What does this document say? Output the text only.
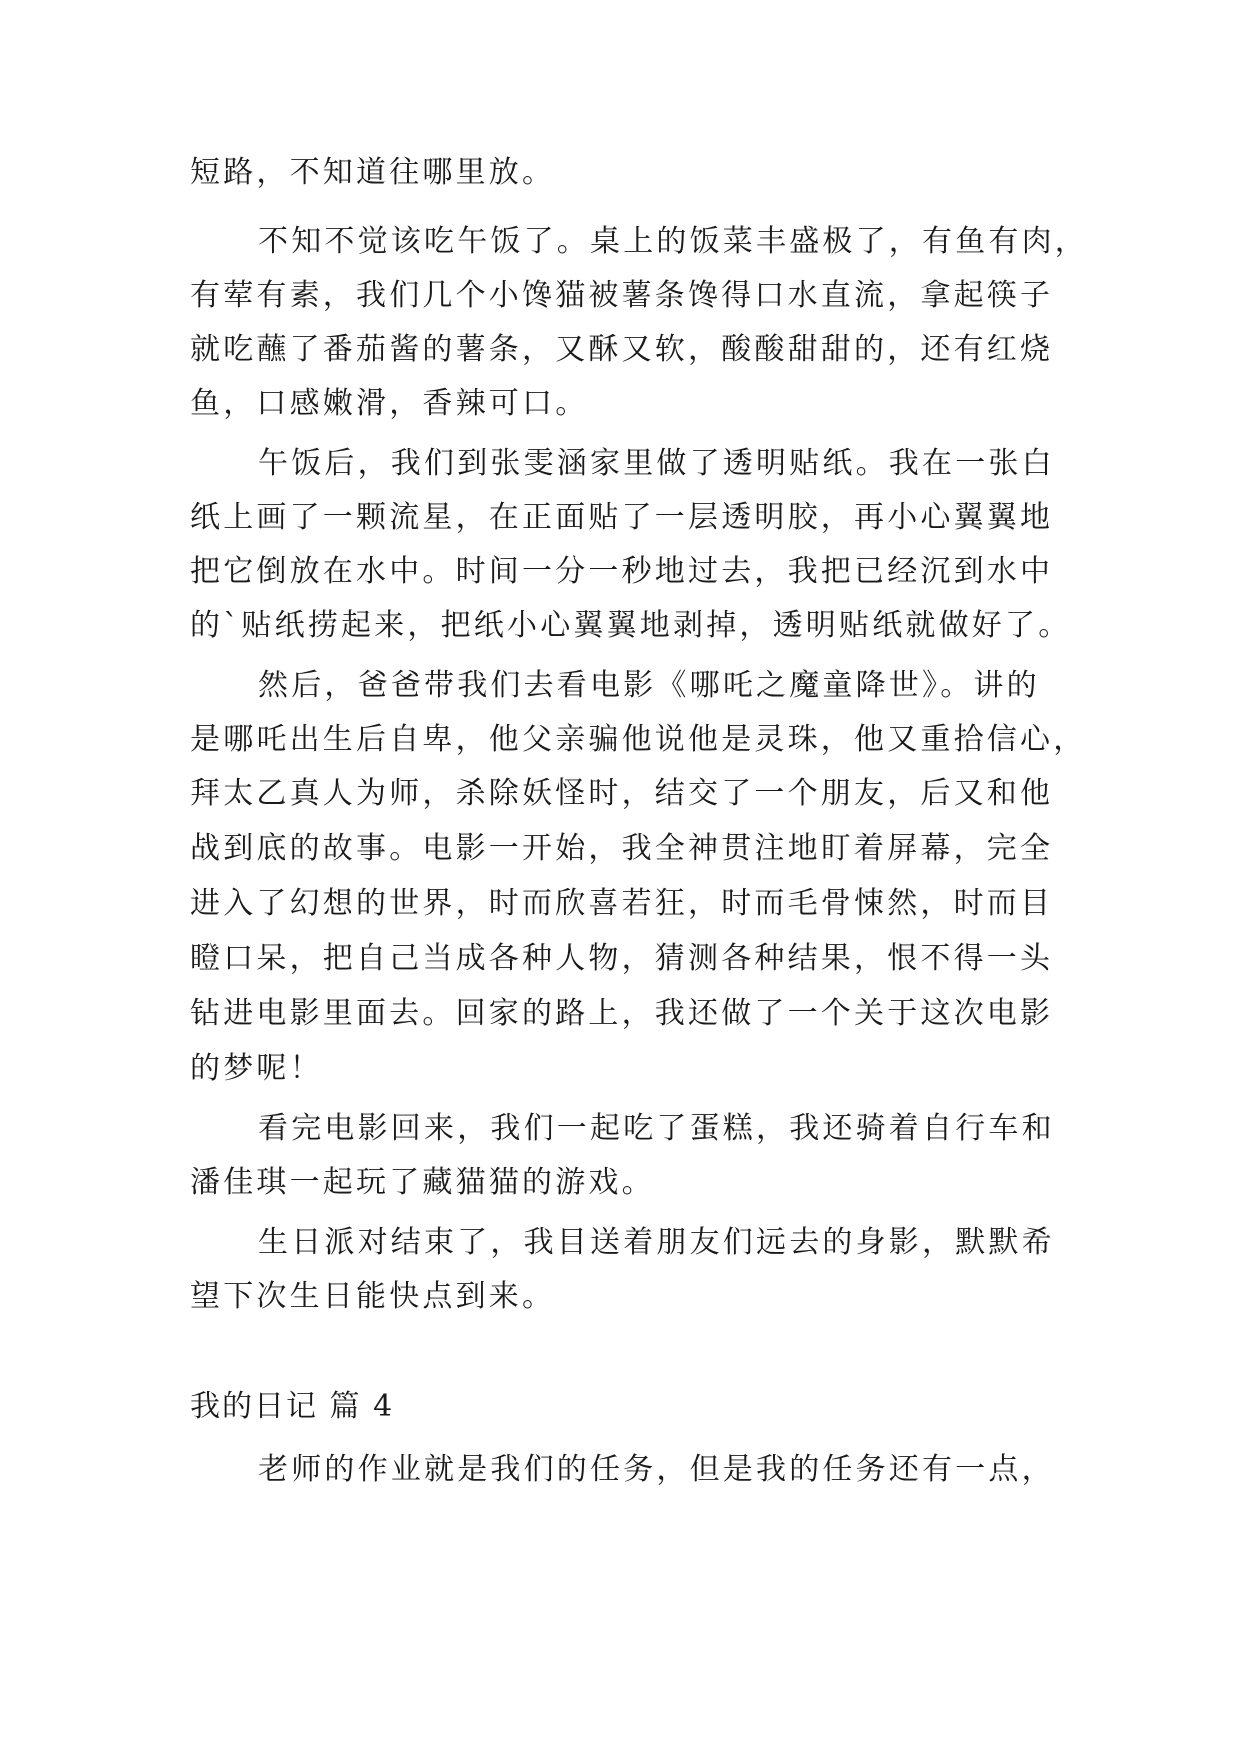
短路，不知道往哪里放。
不知不觉该吃午饭了。桌上的饭菜丰盛极了，有鱼有肉，
有荤有素，我们几个小馋猫被薯条馋得口水直流，拿起筷子
就吃蘸了番茄酱的薯条，又酥又软，酸酸甜甜的，还有红烧
鱼，口感嫩滑，香辣可口。
午饭后，我们到张雯涵家里做了透明贴纸。我在一张白
纸上画了一颗流星，在正面贴了一层透明胶，再小心翼翼地
把它倒放在水中。时间一分一秒地过去，我把已经沉到水中
的`贴纸捞起来，把纸小心翼翼地剥掉，透明贴纸就做好了。
然后，爸爸带我们去看电影《哪吒之魔童降世》。讲的
是哪吒出生后自卑，他父亲骗他说他是灵珠，他又重拾信心，
拜太乙真人为师，杀除妖怪时，结交了一个朋友，后又和他
战到底的故事。电影一开始，我全神贯注地盯着屏幕，完全
进入了幻想的世界，时而欣喜若狂，时而毛骨悚然，时而目
瞪口呆，把自己当成各种人物，猜测各种结果，恨不得一头
钻进电影里面去。回家的路上，我还做了一个关于这次电影
的梦呢！
看完电影回来，我们一起吃了蛋糕，我还骑着自行车和
潘佳琪一起玩了藏猫猫的游戏。
生日派对结束了，我目送着朋友们远去的身影，默默希
望下次生日能快点到来。
我的日记 篇 4
老师的作业就是我们的任务，但是我的任务还有一点，
